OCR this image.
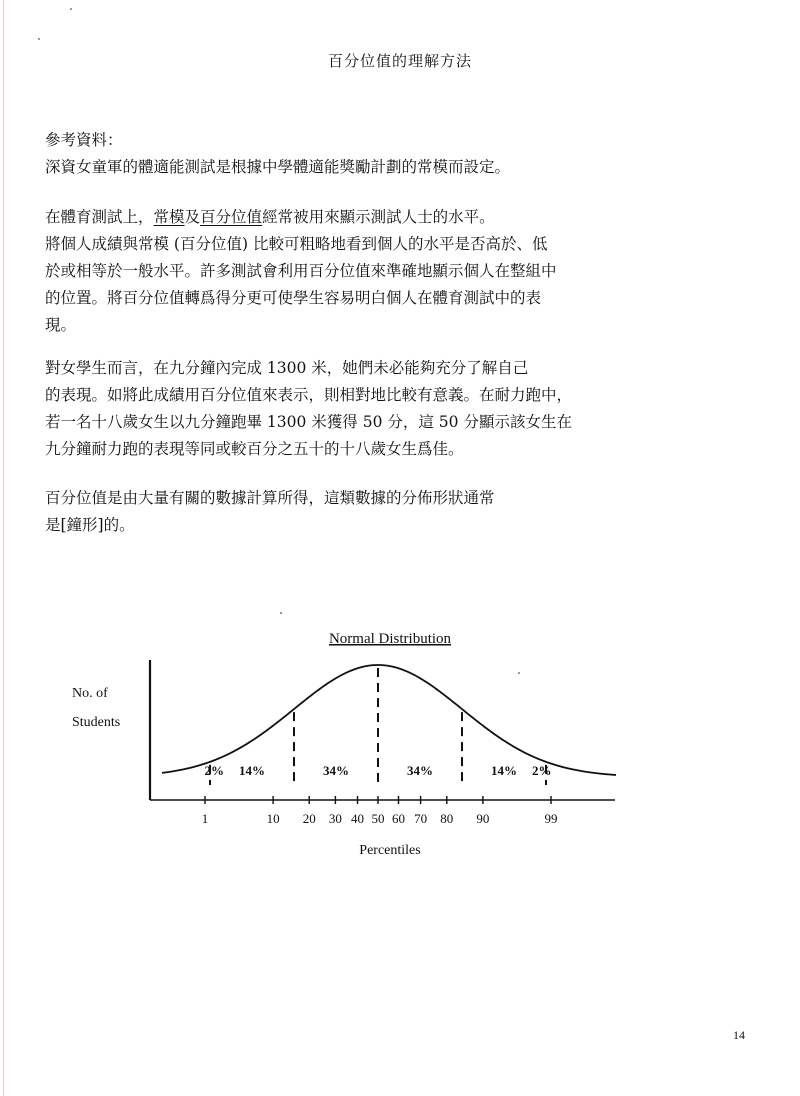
百分位值的理解方法

參考資料：

深資女童軍的體適能測試是根據中學體適能獎勵計劃的常模而設定。

在體育測試上，常模及百分位值經常被用來顯示測試人士的水平。

將個人成績與常模 (百分位值) 比較可粗略地看到個人的水平是否高於、低

於或相等於一般水平。許多測試會利用百分位值來準確地顯示個人在整組中

的位置。將百分位值轉爲得分更可使學生容易明白個人在體育測試中的表

現。

對女學生而言，在九分鐘內完成 1300 米，她們未必能夠充分了解自己

的表現。如將此成績用百分位值來表示，則相對地比較有意義。在耐力跑中，

若一名十八歲女生以九分鐘跑畢 1300 米獲得 50 分，這 50 分顯示該女生在

九分鐘耐力跑的表現等同或較百分之五十的十八歲女生爲佳。

百分位值是由大量有關的數據計算所得，這類數據的分佈形狀通常

是[鐘形]的。

Normal Distribution
No. of
Students
2% 14%	34%	34%	14% 2%
1	10 20 30 40 50 60 70 80 90	99
Percentiles
14
